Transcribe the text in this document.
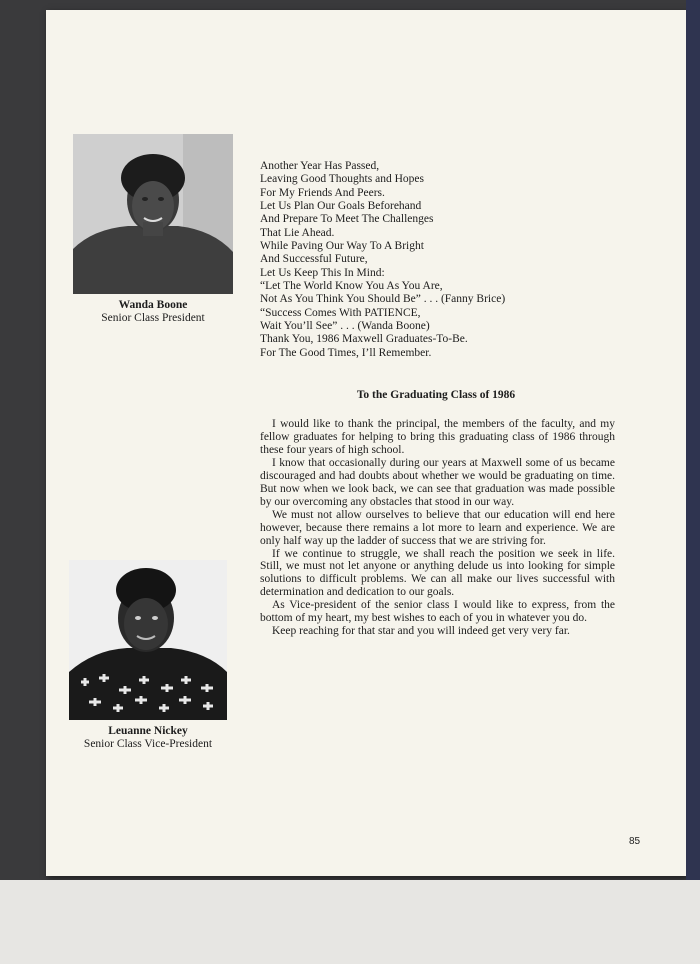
Wanda Boone
Senior Class President
Leuanne Nickey
Senior Class Vice-President
Another Year Has Passed,
Leaving Good Thoughts and Hopes
For My Friends And Peers.
Let Us Plan Our Goals Beforehand
And Prepare To Meet The Challenges
That Lie Ahead.
While Paving Our Way To A Bright
And Successful Future,
Let Us Keep This In Mind:
“Let The World Know You As You Are,
Not As You Think You Should Be” . . . (Fanny Brice)
“Success Comes With PATIENCE,
Wait You’ll See” . . . (Wanda Boone)
Thank You, 1986 Maxwell Graduates-To-Be.
For The Good Times, I’ll Remember.
To the Graduating Class of 1986

I would like to thank the principal, the members of the faculty, and my fellow graduates for helping to bring this graduating class of 1986 through these four years of high school.

I know that occasionally during our years at Maxwell some of us became discouraged and had doubts about whether we would be graduating on time. But now when we look back, we can see that graduation was made possible by our overcoming any obstacles that stood in our way.

We must not allow ourselves to believe that our education will end here however, because there remains a lot more to learn and experience. We are only half way up the ladder of success that we are striving for.

If we continue to struggle, we shall reach the position we seek in life. Still, we must not let anyone or anything delude us into looking for simple solutions to difficult problems. We can all make our lives successful with determination and dedication to our goals.

As Vice-president of the senior class I would like to express, from the bottom of my heart, my best wishes to each of you in whatever you do.

Keep reaching for that star and you will indeed get very very far.

85
